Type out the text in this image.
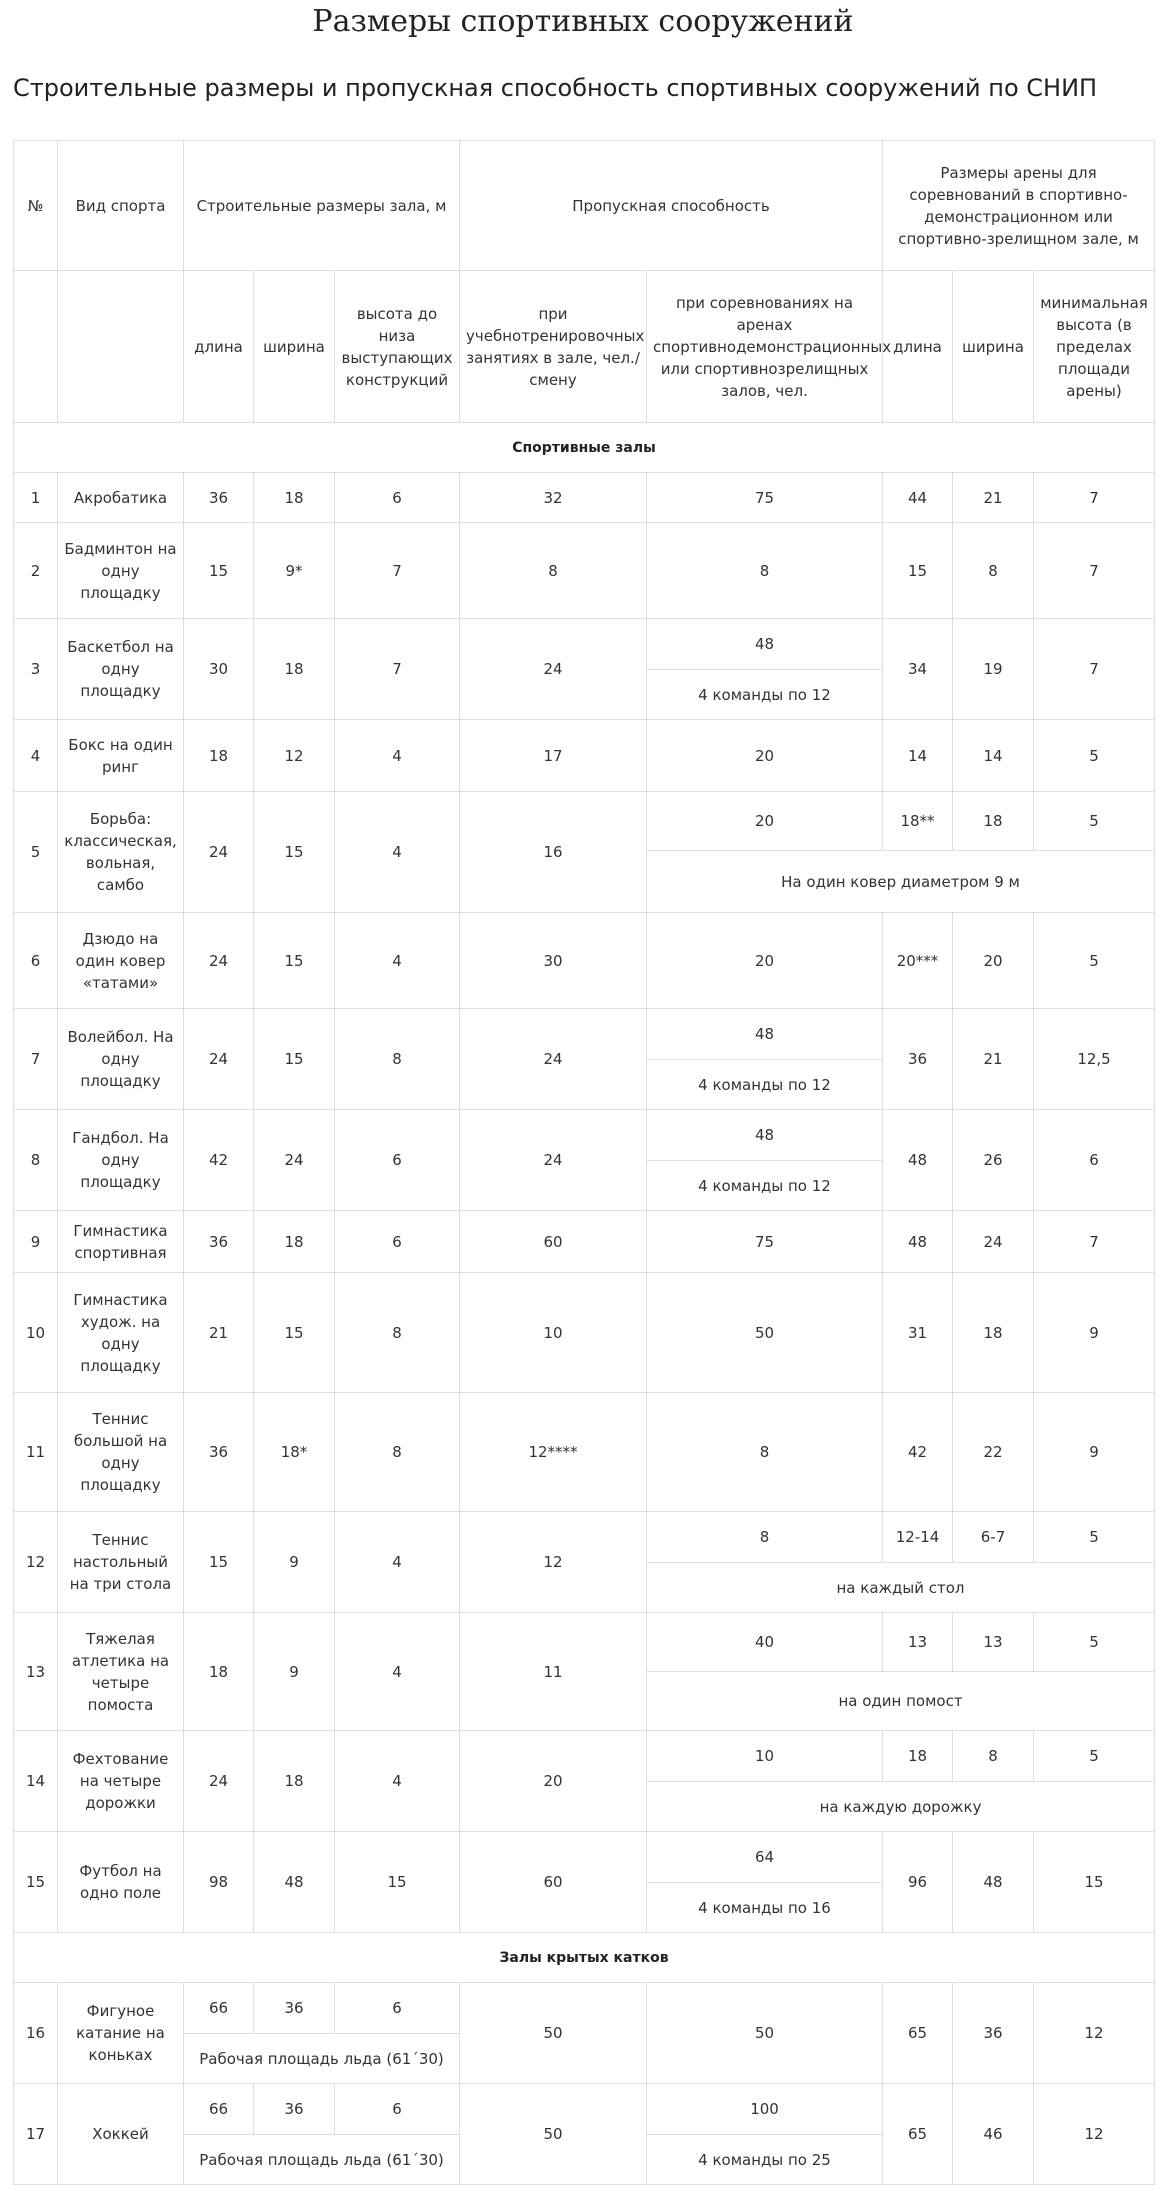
Размеры спортивных сооружений
Строительные размеры и пропускная способность спортивных сооружений по СНИП
№	Вид спорта	Строительные размеры зала, м			Пропускная способность		Размеры арены для соревнований в спортивно-демонстрационном или спортивно-зрелищном зале, м		
		длина	ширина	высота до низа выступающих конструкций	при учебнотренировочных занятиях в зале, чел./смену	при соревнованиях на аренах спортивнодемонстрационных или спортивнозрелищных залов, чел.	длина	ширина	минимальная высота (в пределах площади арены)
Спортивные залы									
1	Акробатика	36	18	6	32	75	44	21	7
2	Бадминтон на одну площадку	15	9*	7	8	8	15	8	7
3	Баскетбол на одну площадку	30	18	7	24	48	34	19	7
						4 команды по 12			
4	Бокс на один ринг	18	12	4	17	20	14	14	5
5	Борьба: классическая, вольная, самбо	24	15	4	16	20	18**	18	5
						На один ковер диаметром 9 м			
6	Дзюдо на один ковер «татами»	24	15	4	30	20	20***	20	5
7	Волейбол. На одну площадку	24	15	8	24	48	36	21	12,5
						4 команды по 12			
8	Гандбол. На одну площадку	42	24	6	24	48	48	26	6
						4 команды по 12			
9	Гимнастика спортивная	36	18	6	60	75	48	24	7
10	Гимнастика худож. на одну площадку	21	15	8	10	50	31	18	9
11	Теннис большой на одну площадку	36	18*	8	12****	8	42	22	9
12	Теннис настольный на три стола	15	9	4	12	8	12-14	6-7	5
						на каждый стол			
13	Тяжелая атлетика на четыре помоста	18	9	4	11	40	13	13	5
						на один помост			
14	Фехтование на четыре дорожки	24	18	4	20	10	18	8	5
						на каждую дорожку			
15	Футбол на одно поле	98	48	15	60	64	96	48	15
						4 команды по 16			
Залы крытых катков									
16	Фигуное катание на коньках	66	36	6	50	50	65	36	12
		Рабочая площадь льда (61´30)							
17	Хоккей	66	36	6	50	100	65	46	12
		Рабочая площадь льда (61´30)				4 команды по 25			
